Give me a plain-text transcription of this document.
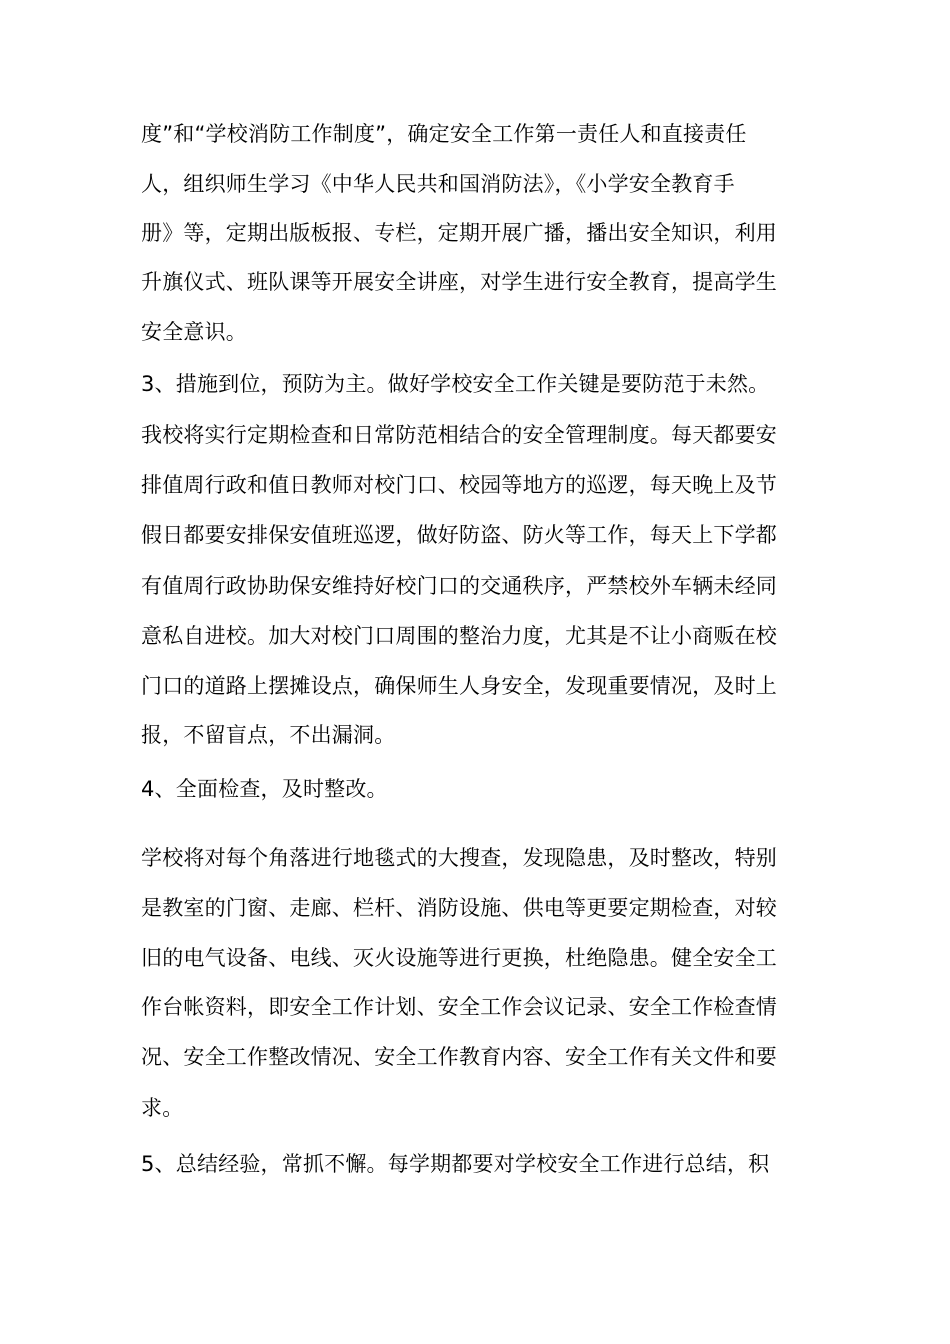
度”和“学校消防工作制度”，确定安全工作第一责任人和直接责任
人，组织师生学习《中华人民共和国消防法》，《小学安全教育手
册》等，定期出版板报、专栏，定期开展广播，播出安全知识，利用
升旗仪式、班队课等开展安全讲座，对学生进行安全教育，提高学生
安全意识。
3、措施到位，预防为主。做好学校安全工作关键是要防范于未然。
我校将实行定期检查和日常防范相结合的安全管理制度。每天都要安
排值周行政和值日教师对校门口、校园等地方的巡逻，每天晚上及节
假日都要安排保安值班巡逻，做好防盗、防火等工作，每天上下学都
有值周行政协助保安维持好校门口的交通秩序，严禁校外车辆未经同
意私自进校。加大对校门口周围的整治力度，尤其是不让小商贩在校
门口的道路上摆摊设点，确保师生人身安全，发现重要情况，及时上
报，不留盲点，不出漏洞。
4、全面检查，及时整改。
学校将对每个角落进行地毯式的大搜查，发现隐患，及时整改，特别
是教室的门窗、走廊、栏杆、消防设施、供电等更要定期检查，对较
旧的电气设备、电线、灭火设施等进行更换，杜绝隐患。健全安全工
作台帐资料，即安全工作计划、安全工作会议记录、安全工作检查情
况、安全工作整改情况、安全工作教育内容、安全工作有关文件和要
求。
5、总结经验，常抓不懈。每学期都要对学校安全工作进行总结，积
